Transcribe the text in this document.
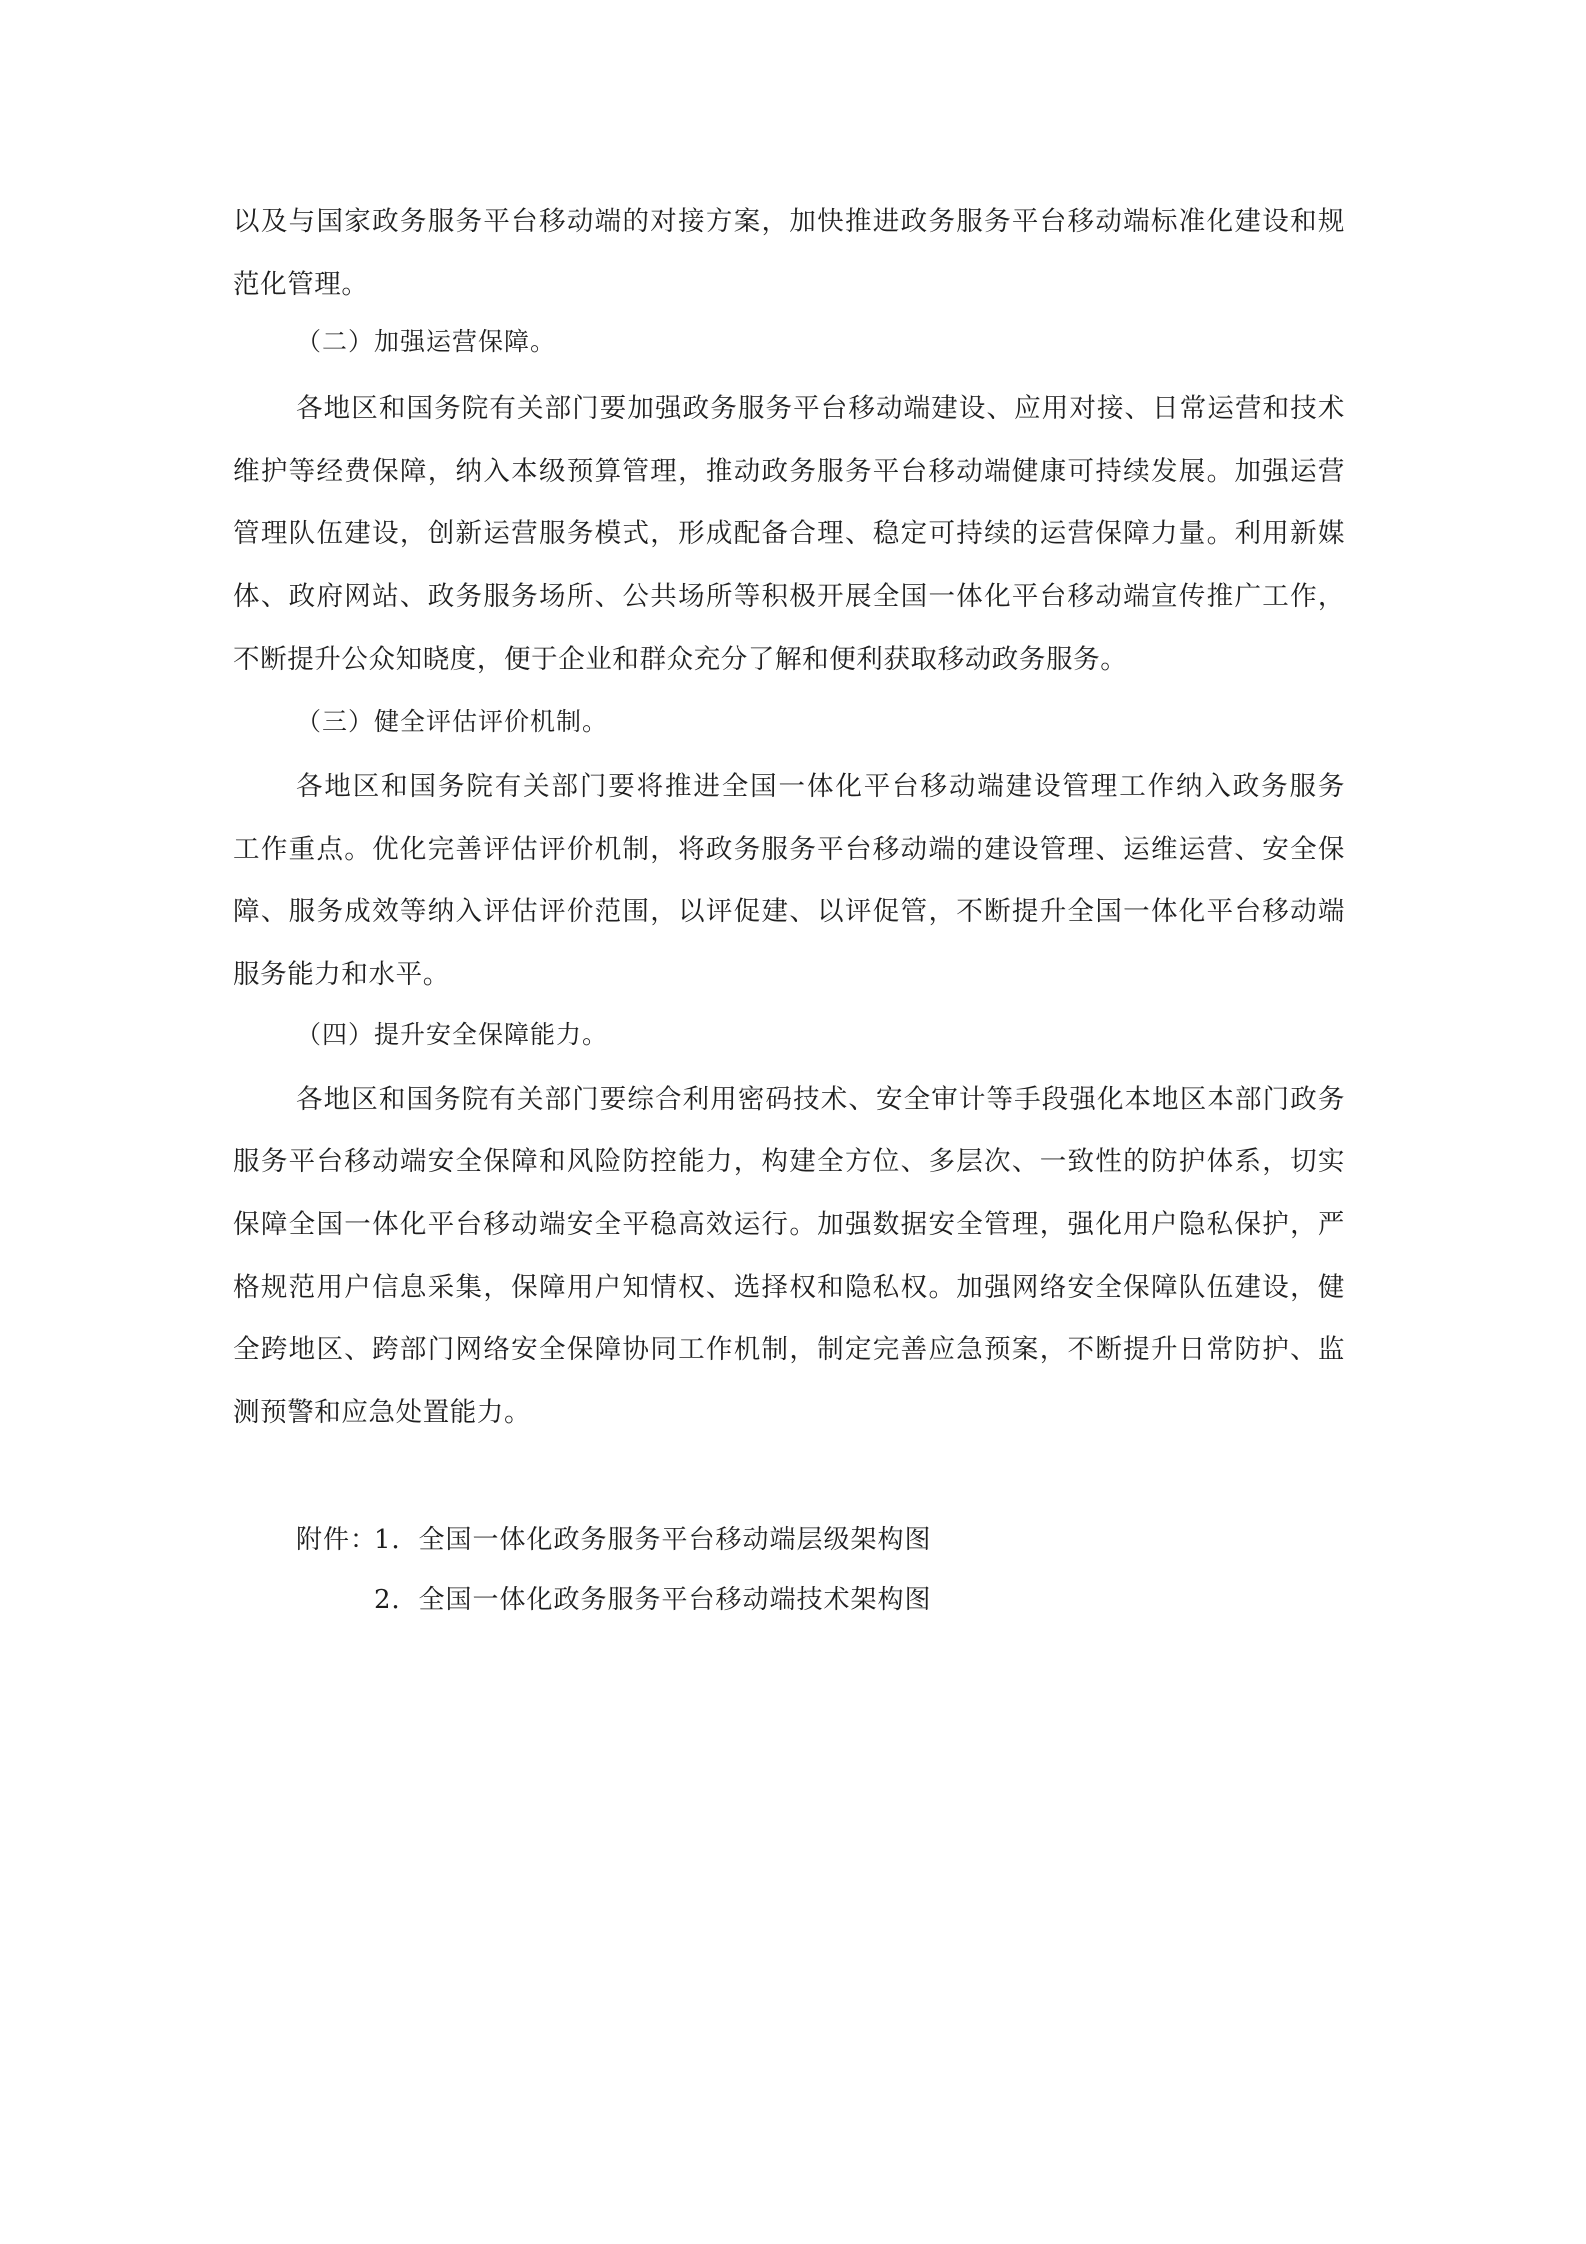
以及与国家政务服务平台移动端的对接方案，加快推进政务服务平台移动端标准化建设和规
范化管理。
（二）加强运营保障。
各地区和国务院有关部门要加强政务服务平台移动端建设、应用对接、日常运营和技术
维护等经费保障，纳入本级预算管理，推动政务服务平台移动端健康可持续发展。加强运营
管理队伍建设，创新运营服务模式，形成配备合理、稳定可持续的运营保障力量。利用新媒
体、政府网站、政务服务场所、公共场所等积极开展全国一体化平台移动端宣传推广工作，
不断提升公众知晓度，便于企业和群众充分了解和便利获取移动政务服务。
（三）健全评估评价机制。
各地区和国务院有关部门要将推进全国一体化平台移动端建设管理工作纳入政务服务
工作重点。优化完善评估评价机制，将政务服务平台移动端的建设管理、运维运营、安全保
障、服务成效等纳入评估评价范围，以评促建、以评促管，不断提升全国一体化平台移动端
服务能力和水平。
（四）提升安全保障能力。
各地区和国务院有关部门要综合利用密码技术、安全审计等手段强化本地区本部门政务
服务平台移动端安全保障和风险防控能力，构建全方位、多层次、一致性的防护体系，切实
保障全国一体化平台移动端安全平稳高效运行。加强数据安全管理，强化用户隐私保护，严
格规范用户信息采集，保障用户知情权、选择权和隐私权。加强网络安全保障队伍建设，健
全跨地区、跨部门网络安全保障协同工作机制，制定完善应急预案，不断提升日常防护、监
测预警和应急处置能力。
附件：
1．全国一体化政务服务平台移动端层级架构图
2．全国一体化政务服务平台移动端技术架构图
